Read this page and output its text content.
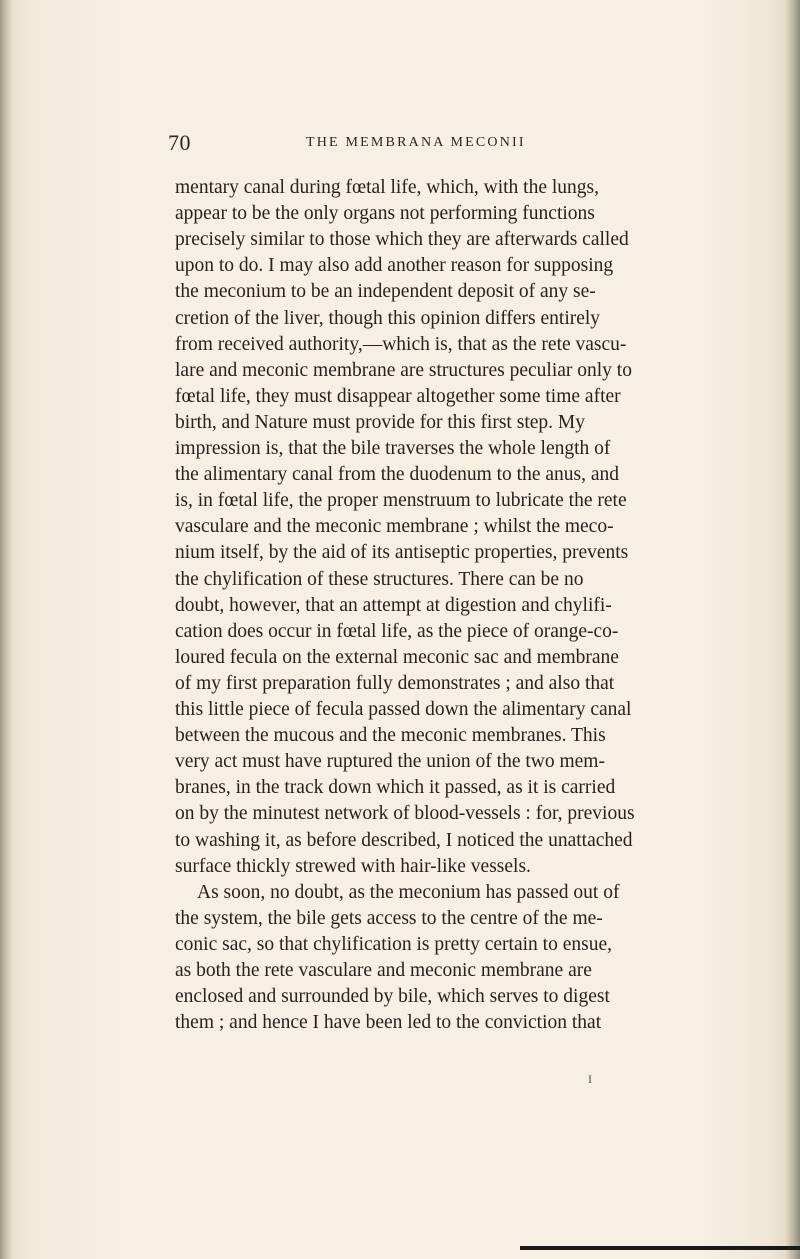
70	THE MEMBRANA MECONII
mentary canal during fœtal life, which, with the lungs,
appear to be the only organs not performing functions
precisely similar to those which they are afterwards called
upon to do. I may also add another reason for supposing
the meconium to be an independent deposit of any se-
cretion of the liver, though this opinion differs entirely
from received authority,—which is, that as the rete vascu-
lare and meconic membrane are structures peculiar only to
fœtal life, they must disappear altogether some time after
birth, and Nature must provide for this first step. My
impression is, that the bile traverses the whole length of
the alimentary canal from the duodenum to the anus, and
is, in fœtal life, the proper menstruum to lubricate the rete
vasculare and the meconic membrane ; whilst the meco-
nium itself, by the aid of its antiseptic properties, prevents
the chylification of these structures. There can be no
doubt, however, that an attempt at digestion and chylifi-
cation does occur in fœtal life, as the piece of orange-co-
loured fecula on the external meconic sac and membrane
of my first preparation fully demonstrates ; and also that
this little piece of fecula passed down the alimentary canal
between the mucous and the meconic membranes. This
very act must have ruptured the union of the two mem-
branes, in the track down which it passed, as it is carried
on by the minutest network of blood-vessels : for, previous
to washing it, as before described, I noticed the unattached
surface thickly strewed with hair-like vessels.
As soon, no doubt, as the meconium has passed out of
the system, the bile gets access to the centre of the me-
conic sac, so that chylification is pretty certain to ensue,
as both the rete vasculare and meconic membrane are
enclosed and surrounded by bile, which serves to digest
them ; and hence I have been led to the conviction that
I
